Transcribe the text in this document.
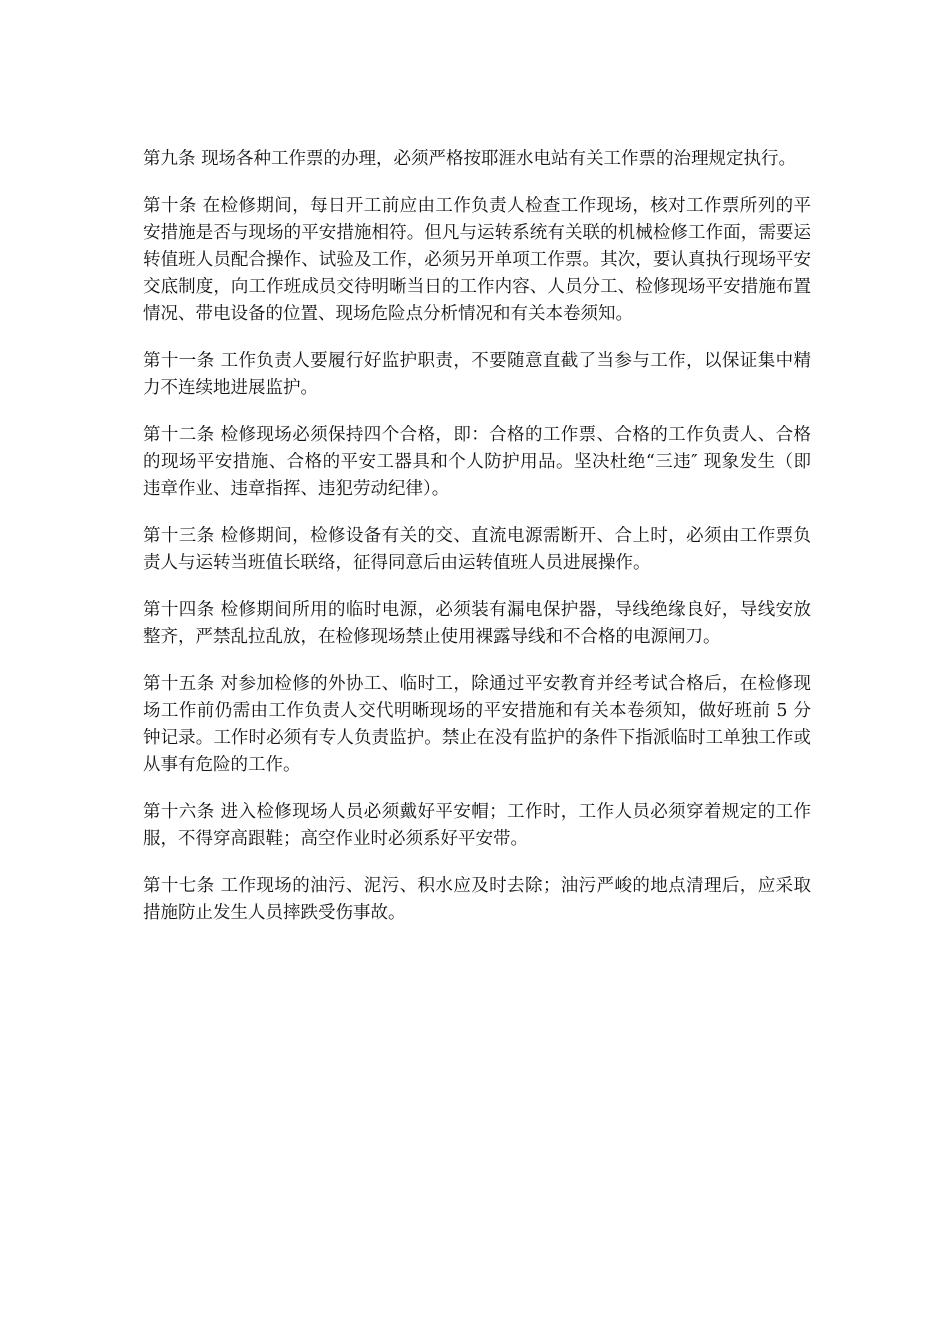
第九条 现场各种工作票的办理，必须严格按耶涯水电站有关工作票的治理规定执行。

第十条 在检修期间，每日开工前应由工作负责人检查工作现场，核对工作票所列的平安措施是否与现场的平安措施相符。但凡与运转系统有关联的机械检修工作面，需要运转值班人员配合操作、试验及工作，必须另开单项工作票。其次，要认真执行现场平安交底制度，向工作班成员交待明晰当日的工作内容、人员分工、检修现场平安措施布置情况、带电设备的位置、现场危险点分析情况和有关本卷须知。

第十一条 工作负责人要履行好监护职责，不要随意直截了当参与工作，以保证集中精力不连续地进展监护。

第十二条 检修现场必须保持四个合格，即：合格的工作票、合格的工作负责人、合格的现场平安措施、合格的平安工器具和个人防护用品。坚决杜绝“三违″ 现象发生（即违章作业、违章指挥、违犯劳动纪律）。

第十三条 检修期间，检修设备有关的交、直流电源需断开、合上时，必须由工作票负责人与运转当班值长联络，征得同意后由运转值班人员进展操作。

第十四条 检修期间所用的临时电源，必须装有漏电保护器，导线绝缘良好，导线安放整齐，严禁乱拉乱放，在检修现场禁止使用裸露导线和不合格的电源闸刀。

第十五条 对参加检修的外协工、临时工，除通过平安教育并经考试合格后，在检修现场工作前仍需由工作负责人交代明晰现场的平安措施和有关本卷须知，做好班前 5 分钟记录。工作时必须有专人负责监护。禁止在没有监护的条件下指派临时工单独工作或从事有危险的工作。

第十六条 进入检修现场人员必须戴好平安帽；工作时，工作人员必须穿着规定的工作服，不得穿高跟鞋；高空作业时必须系好平安带。

第十七条 工作现场的油污、泥污、积水应及时去除；油污严峻的地点清理后，应采取措施防止发生人员摔跌受伤事故。
